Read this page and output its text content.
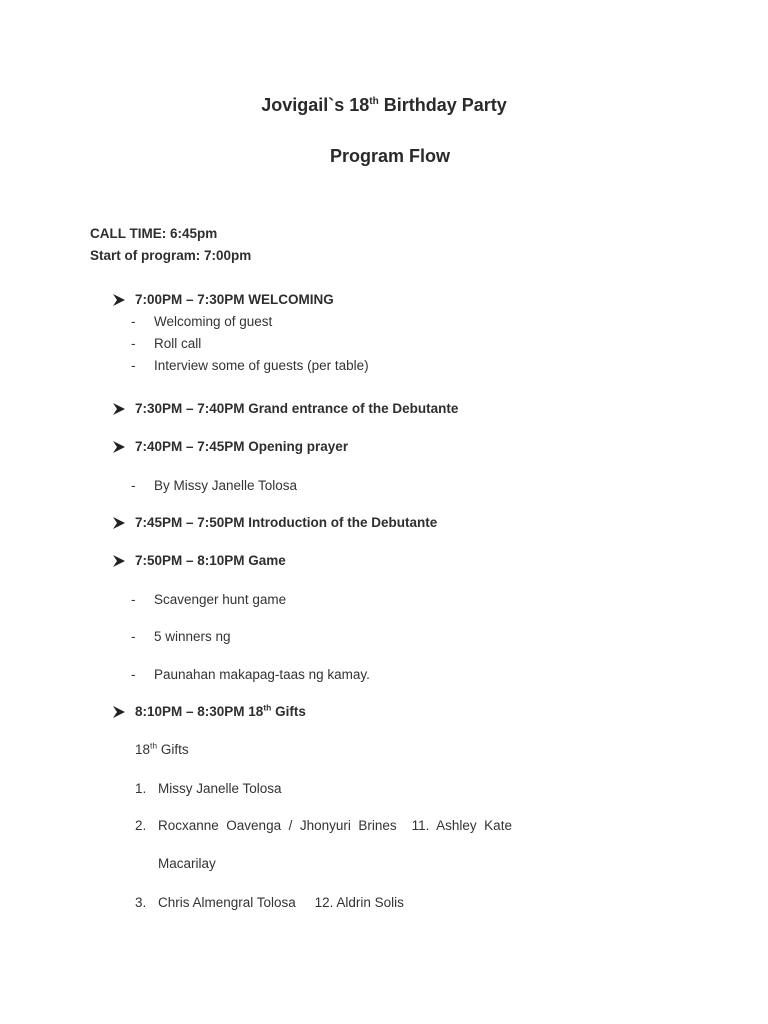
Jovigail`s 18th Birthday Party
Program Flow
CALL TIME: 6:45pm
Start of program: 7:00pm
7:00PM – 7:30PM WELCOMING
- Welcoming of guest
- Roll call
- Interview some of guests (per table)
7:30PM – 7:40PM Grand entrance of the Debutante
7:40PM – 7:45PM Opening prayer
- By Missy Janelle Tolosa
7:45PM – 7:50PM Introduction of the Debutante
7:50PM – 8:10PM Game
- Scavenger hunt game
- 5 winners ng
- Paunahan makapag-taas ng kamay.
8:10PM – 8:30PM 18th Gifts
18th Gifts
1. Missy Janelle Tolosa
2. Rocxanne  Oavenga  /  Jhonyuri  Brines    11.  Ashley  Kate
Macarilay
3. Chris Almengral Tolosa     12. Aldrin Solis
